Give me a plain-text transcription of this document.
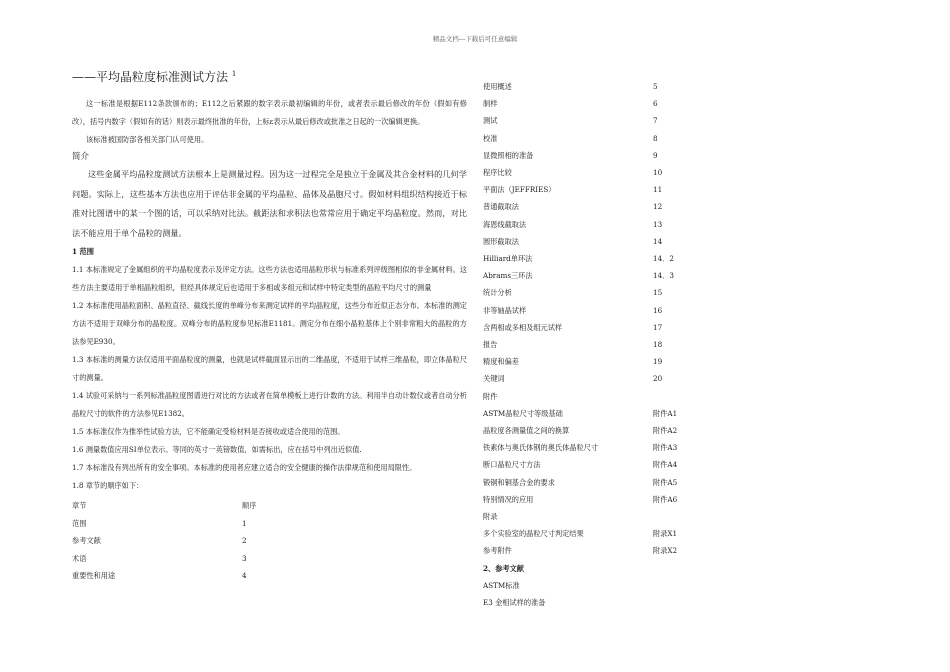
精品文档---下载后可任意编辑
——平均晶粒度标准测试方法 $^1$

这一标准是根据E112条款颁布的；E112之后紧跟的数字表示最初编辑的年份，或者表示最后修改的年份（假如有修改），括号内数字（假如有的话）则表示最终批准的年份，上标ε表示从最后修改或批准之日起的一次编辑更换。

该标准被国防部各相关部门认可使用。

简介

这些金属平均晶粒度测试方法根本上是测量过程。因为这一过程完全是独立于金属及其合金材料的几何学问题。实际上，这些基本方法也应用于评估非金属的平均晶粒、晶体及晶胞尺寸。假如材料组织结构接近于标准对比图谱中的某一个图的话，可以采纳对比法。截距法和求积法也常常应用于确定平均晶粒度。然而，对比法不能应用于单个晶粒的测量。

1 范围

1.1 本标准规定了金属组织的平均晶粒度表示及评定方法。这些方法也适用晶粒形状与标准系列评级图相似的非金属材料。这些方法主要适用于单相晶粒组织，但经具体规定后也适用于多相或多组元和试样中特定类型的晶粒平均尺寸的测量

1.2 本标准使用晶粒面积、晶粒直径、截线长度的单峰分布来测定试样的平均晶粒度，这些分布近似正态分布。本标准的测定方法不适用于双峰分布的晶粒度。双峰分布的晶粒度参见标准E1181。测定分布在细小晶粒基体上个别非常粗大的晶粒的方法参见E930。

1.3 本标准的测量方法仅适用平面晶粒度的测量，也就是试样截面显示出的二维晶度，不适用于试样三维晶粒，即立体晶粒尺寸的测量。

1.4 试验可采纳与一系列标准晶粒度图谱进行对比的方法或者在简单模板上进行计数的方法。利用半自动计数仪或者自动分析晶粒尺寸的软件的方法参见E1382。

1.5 本标准仅作为推举性试验方法，它不能确定受检材料是否接收或适合使用的范围。

1.6 测量数值应用SI单位表示。等同的英寸一英镑数值，如需标出，应在括号中列出近似值.

1.7 本标准没有列出所有的安全事项。本标准的使用者应建立适合的安全健康的操作法律规范和使用局限性。

1.8 章节的顺序如下：

章节	顺序
范围	1
参考文献	2
术语	3
重要性和用途	4
使用概述	5
制样	6
测试	7
校准	8
显微照相的准备	9
程序比较	10
平面法（JEFFRIES）	11
普通截取法	12
海恩线截取法	13
圆形截取法	14
Hilliard单环法	14．2
Abrams三环法	14．3
统计分析	15
非等轴晶试样	16
含两相或多相及组元试样	17
报告	18
精度和偏差	19
关键词	20
附件
ASTM晶粒尺寸等级基础	附件A1
晶粒度各测量值之间的换算	附件A2
铁素体与奥氏体钢的奥氏体晶粒尺寸	附件A3
断口晶粒尺寸方法	附件A4
锻铜和铜基合金的要求	附件A5
特别情况的应用	附件A6
附录
多个实验室的晶粒尺寸判定结果	附录X1
参考附件	附录X2
2、参考文献
ASTM标准
E3 金相试样的准备
